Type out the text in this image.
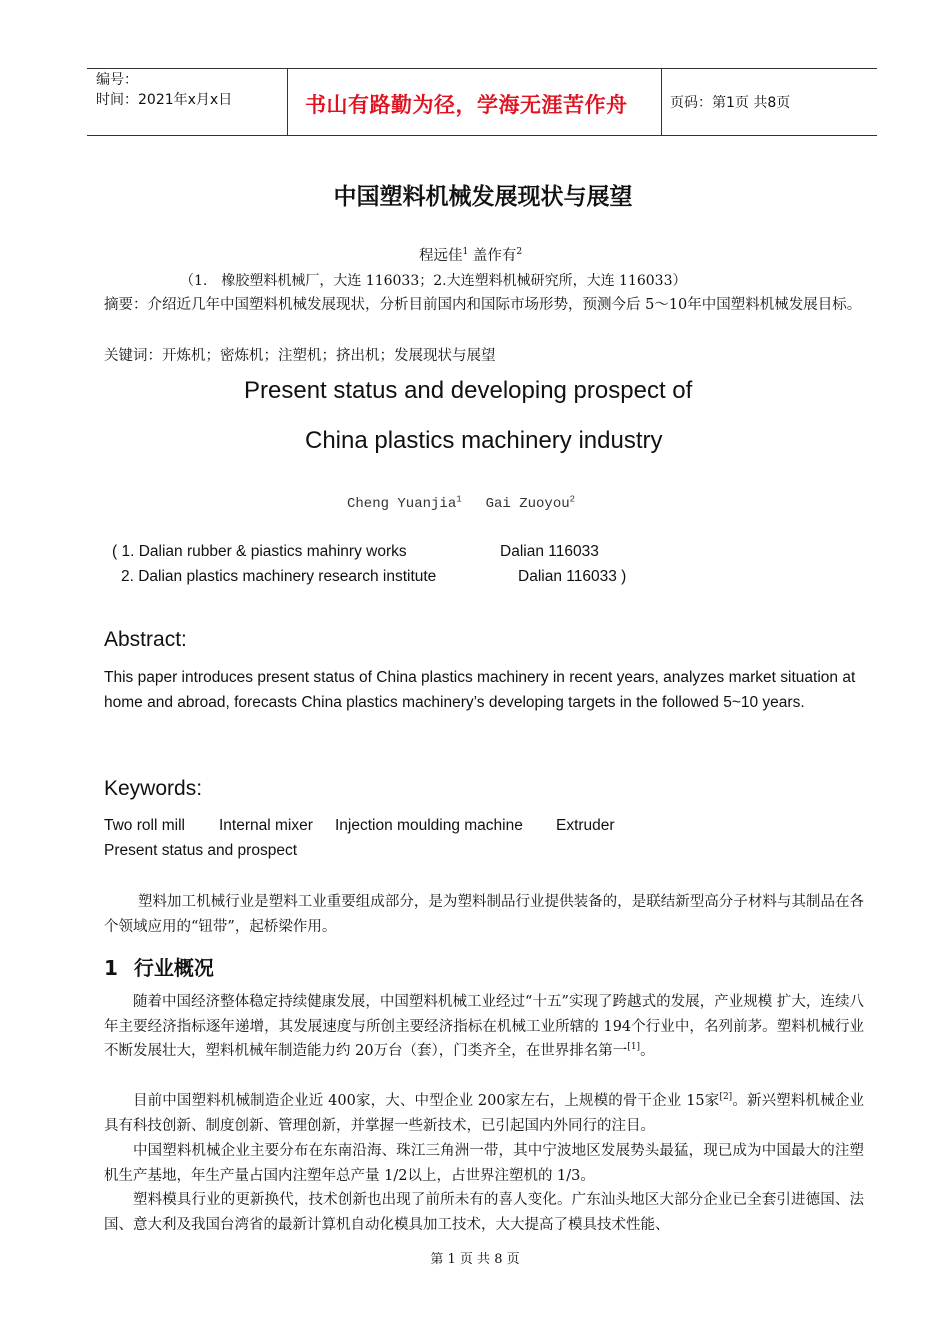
编号：
时间：2021年x月x日	书山有路勤为径，学海无涯苦作舟	页码：第1页 共8页
中国塑料机械发展现状与展望
程远佳$^1$ 盖作有$^2$
（1.　橡胶塑料机械厂，大连 116033；2.大连塑料机械研究所，大连 116033）
摘要：介绍近几年中国塑料机械发展现状，分析目前国内和国际市场形势，预测今后 5～10年中国塑料机械发展目标。
关键词：开炼机；密炼机；注塑机；挤出机；发展现状与展望
Present status and developing prospect of
China plastics machinery industry
Cheng Yuanjia$^1$ Gai Zuoyou$^2$
( 1. Dalian rubber & piastics mahinry works	Dalian 116033
2. Dalian plastics machinery research institute	Dalian 116033 )
Abstract:
This paper introduces present status of China plastics machinery in recent years, analyzes market situation at home and abroad, forecasts China plastics machinery’s developing targets in the followed 5~10 years.
Keywords:
Two roll mill Internal mixer Injection moulding machine Extruder
Present status and prospect
塑料加工机械行业是塑料工业重要组成部分，是为塑料制品行业提供装备的，是联结新型高分子材料与其制品在各个领域应用的“钮带”，起桥梁作用。
1 行业概况
随着中国经济整体稳定持续健康发展，中国塑料机械工业经过“十五”实现了跨越式的发展，产业规模 扩大，连续八年主要经济指标逐年递增，其发展速度与所创主要经济指标在机械工业所辖的 194个行业中，名列前茅。塑料机械行业不断发展壮大，塑料机械年制造能力约 20万台（套），门类齐全，在世界排名第一[1]。
目前中国塑料机械制造企业近 400家，大、中型企业 200家左右，上规模的骨干企业 15家[2]。新兴塑料机械企业具有科技创新、制度创新、管理创新，并掌握一些新技术，已引起国内外同行的注目。
中国塑料机械企业主要分布在东南沿海、珠江三角洲一带，其中宁波地区发展势头最猛，现已成为中国最大的注塑机生产基地，年生产量占国内注塑年总产量 1/2以上，占世界注塑机的 1/3。
塑料模具行业的更新换代，技术创新也出现了前所未有的喜人变化。广东汕头地区大部分企业已全套引进德国、法国、意大利及我国台湾省的最新计算机自动化模具加工技术，大大提高了模具技术性能、
第 1 页 共 8 页
